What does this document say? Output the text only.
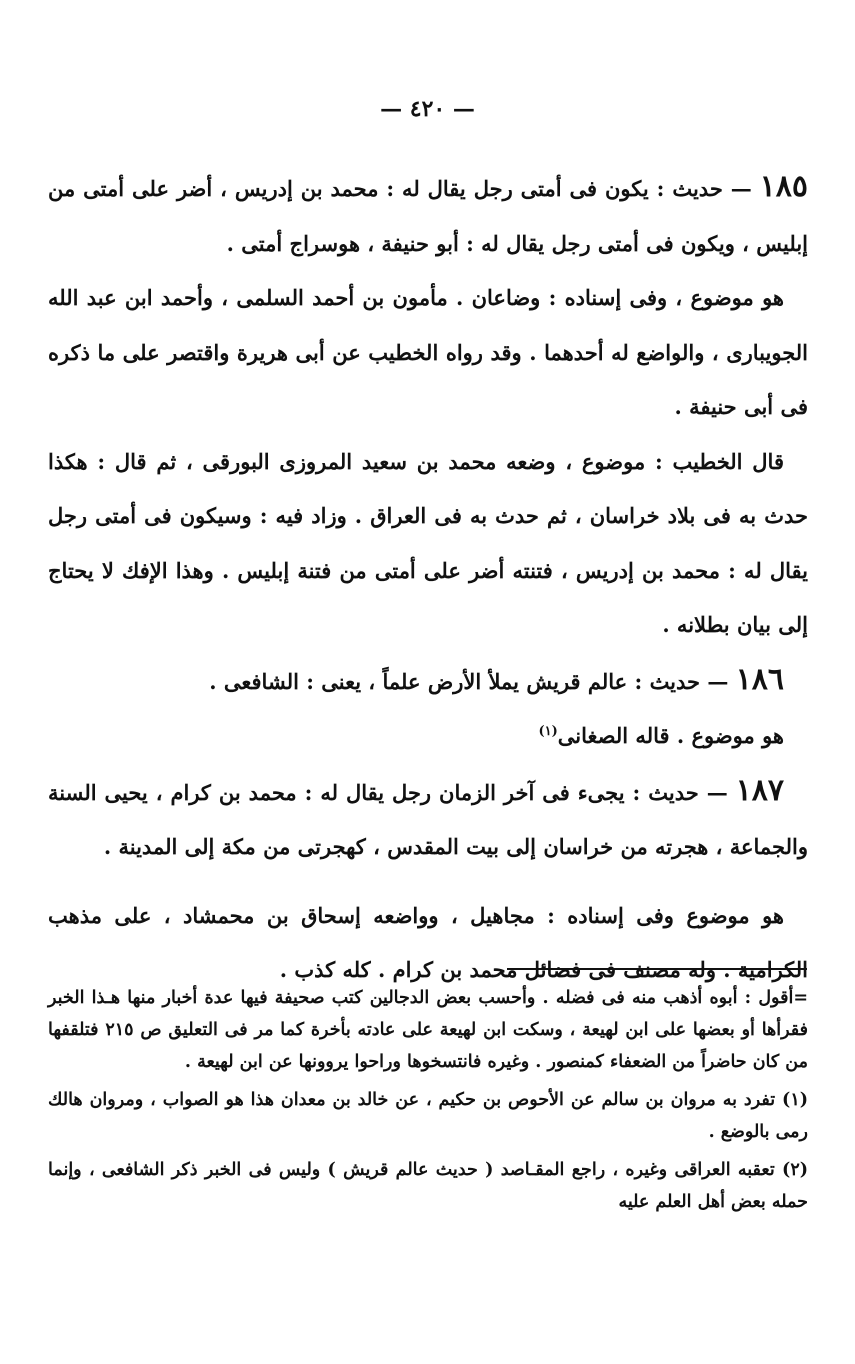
— ٤٢٠ —

١٨٥ — حديث : يكون فى أمتى رجل يقال له : محمد بن إدريس ، أضر على أمتى من إبليس ، ويكون فى أمتى رجل يقال له : أبو حنيفة ، هوسراج أمتى .

هو موضوع ، وفى إسناده : وضاعان . مأمون بن أحمد السلمى ، وأحمد ابن عبد الله الجويبارى ، والواضع له أحدهما . وقد رواه الخطيب عن أبى هريرة واقتصر على ما ذكره فى أبى حنيفة .

قال الخطيب : موضوع ، وضعه محمد بن سعيد المروزى البورقى ، ثم قال : هكذا حدث به فى بلاد خراسان ، ثم حدث به فى العراق . وزاد فيه : وسيكون فى أمتى رجل يقال له : محمد بن إدريس ، فتنته أضر على أمتى من فتنة إبليس . وهذا الإفك لا يحتاج إلى بيان بطلانه .

١٨٦ — حديث : عالم قريش يملأ الأرض علماً ، يعنى : الشافعى .

هو موضوع . قاله الصغانى$^{(١)}$

١٨٧ — حديث : يجىء فى آخر الزمان رجل يقال له : محمد بن كرام ، يحيى السنة والجماعة ، هجرته من خراسان إلى بيت المقدس ، كهجرتى من مكة إلى المدينة .

هو موضوع وفى إسناده : مجاهيل ، وواضعه إسحاق بن محمشاد ، على مذهب الكرامية . وله مصنف فى فضائل محمد بن كرام . كله كذب .

=أقول : أبوه أذهب منه فى فضله . وأحسب بعض الدجالين كتب صحيفة فيها عدة أخبار منها هـذا الخبر فقرأها أو بعضها على ابن لهيعة ، وسكت ابن لهيعة على عادته بأخرة كما مر فى التعليق ص ٢١٥ فتلقفها من كان حاضراً من الضعفاء كمنصور . وغيره فانتسخوها وراحوا يروونها عن ابن لهيعة .

(١) تفرد به مروان بن سالم عن الأحوص بن حكيم ، عن خالد بن معدان هذا هو الصواب ، ومروان هالك رمى بالوضع .

(٢) تعقبه العراقى وغيره ، راجع المقـاصد ( حديث عالم قريش ) وليس فى الخبر ذكر الشافعى ، وإنما حمله بعض أهل العلم عليه
